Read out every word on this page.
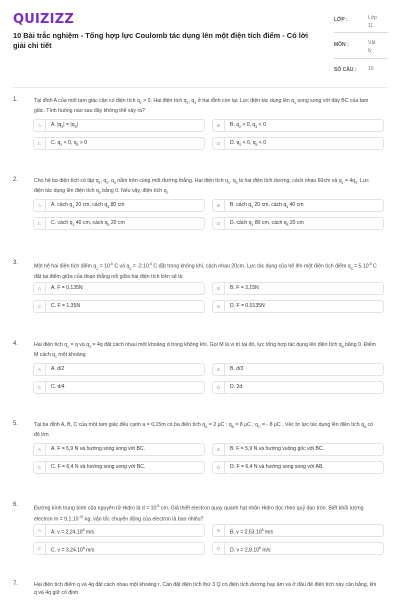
QUIZIZZ
10 Bài trắc nghiệm - Tổng hợp lực Coulomb tác dụng lên một điện tích điểm - Có lời giải chi tiết
LỚP :	Lớp
11
MÔN :	Vật
lý
SỐ CÂU : 10
1.	Tại đỉnh A của một tam giác cân có điện tích $q_1 > 0$. Hai điện tích $q_2$, $q_3$ ở hai đỉnh còn lại. Lực điện tác dụng lên $q_1$ song song với đáy BC của tam giác. Tình huống nào sau đây không thể xảy ra?
A	A. $|q_2| = |q_3|$	B	B. $q_2 > 0$, $q_3 < 0$
C	C. $q_2 < 0$, $q_3 > 0$	D	D. $q_2 < 0$, $q_3 < 0$
2.	Cho hệ ba điện tích cô lập $q_1$, $q_2$, $q_3$ nằm trên cùng một đường thẳng. Hai điện tích $q_1$, $q_3$ là hai điện tích dương, cách nhau 60cm và $q_1 = 4q_3$. Lực điện tác dụng lên điện tích $q_2$ bằng 0. Nếu vậy, điện tích $q_2$
A	A. cách $q_1$ 20 cm, cách $q_3$ 80 cm	B	B. cách $q_1$ 20 cm, cách $q_3$ 40 cm
C	C. cách $q_1$ 40 cm, cách $q_3$ 20 cm	D	D. cách $q_1$ 80 cm, cách $q_3$ 20 cm
3.
Một hệ hai điện tích điểm $q_1 = 10^{-6}$ C và $q_2 = -2.10^{-6}$ C đặt trong không khí, cách nhau 20cm. Lực tác dụng của hệ lên một điện tích điểm $q_0 = 5.10^{-8}$ C đặt tại điểm giữa của đoạn thẳng nối giữa hai điện tích trên sẽ là:
A	A. F = 0,135N	B	B. F = 3,15N
C	C. F = 1,35N	D	D. F = 0,0135N
4.	Hai điện tích $q_1 = q$ và $q_2 = 4q$ đặt cách nhau một khoảng d trong không khí. Gọi M là vị trí tại đó, lực tổng hợp tác dụng lên điện tích $q_0$ bằng 0. Điểm M cách $q_1$ một khoảng
A	A. d/2	B	B. d/3
C	C. d/4	D	D. 2d
5.	Tại ba đỉnh A, B, C của một tam giác đều cạnh a = 0,15m có ba điện tích $q_A = 2$ μC ; $q_B = 8$ μC ; $q_C$ = - 8 μC . Véc tơ lực tác dụng lên điện tích $q_A$ có độ lớn
A	A. F = 5,9 N và hướng song song với BC.	B	B. F = 5,9 N và hướng vuông góc với BC.
C	C. F = 6,4 N và hướng song song với BC.	D	D. F = 6,4 N và hướng song song với AB.
6.
Đường kính trung bình của nguyên tử Hidro là $d = 10^{-8}$ cm. Giả thiết electron quay quanh hạt nhân Hidro dọc theo quỹ đạo tròn. Biết khối lượng electron $m = 9,1.10^{-31}$ kg, vận tốc chuyển động của electron là bao nhiêu?
A	A. $v = 2,24.10^6$ m/s	B	B. $v = 2,53.10^6$ m/s
C	C. $v = 3,24.10^6$ m/s	D	D. $v = 2,8.10^6$ m/s
7.	Hai điện tích điểm q và 4q đặt cách nhau một khoảng r. Cần đặt điện tích thứ 3 Q có điện tích dương hay âm và ở đâu để điện tích này cân bằng, khi q và 4q giữ cố định
